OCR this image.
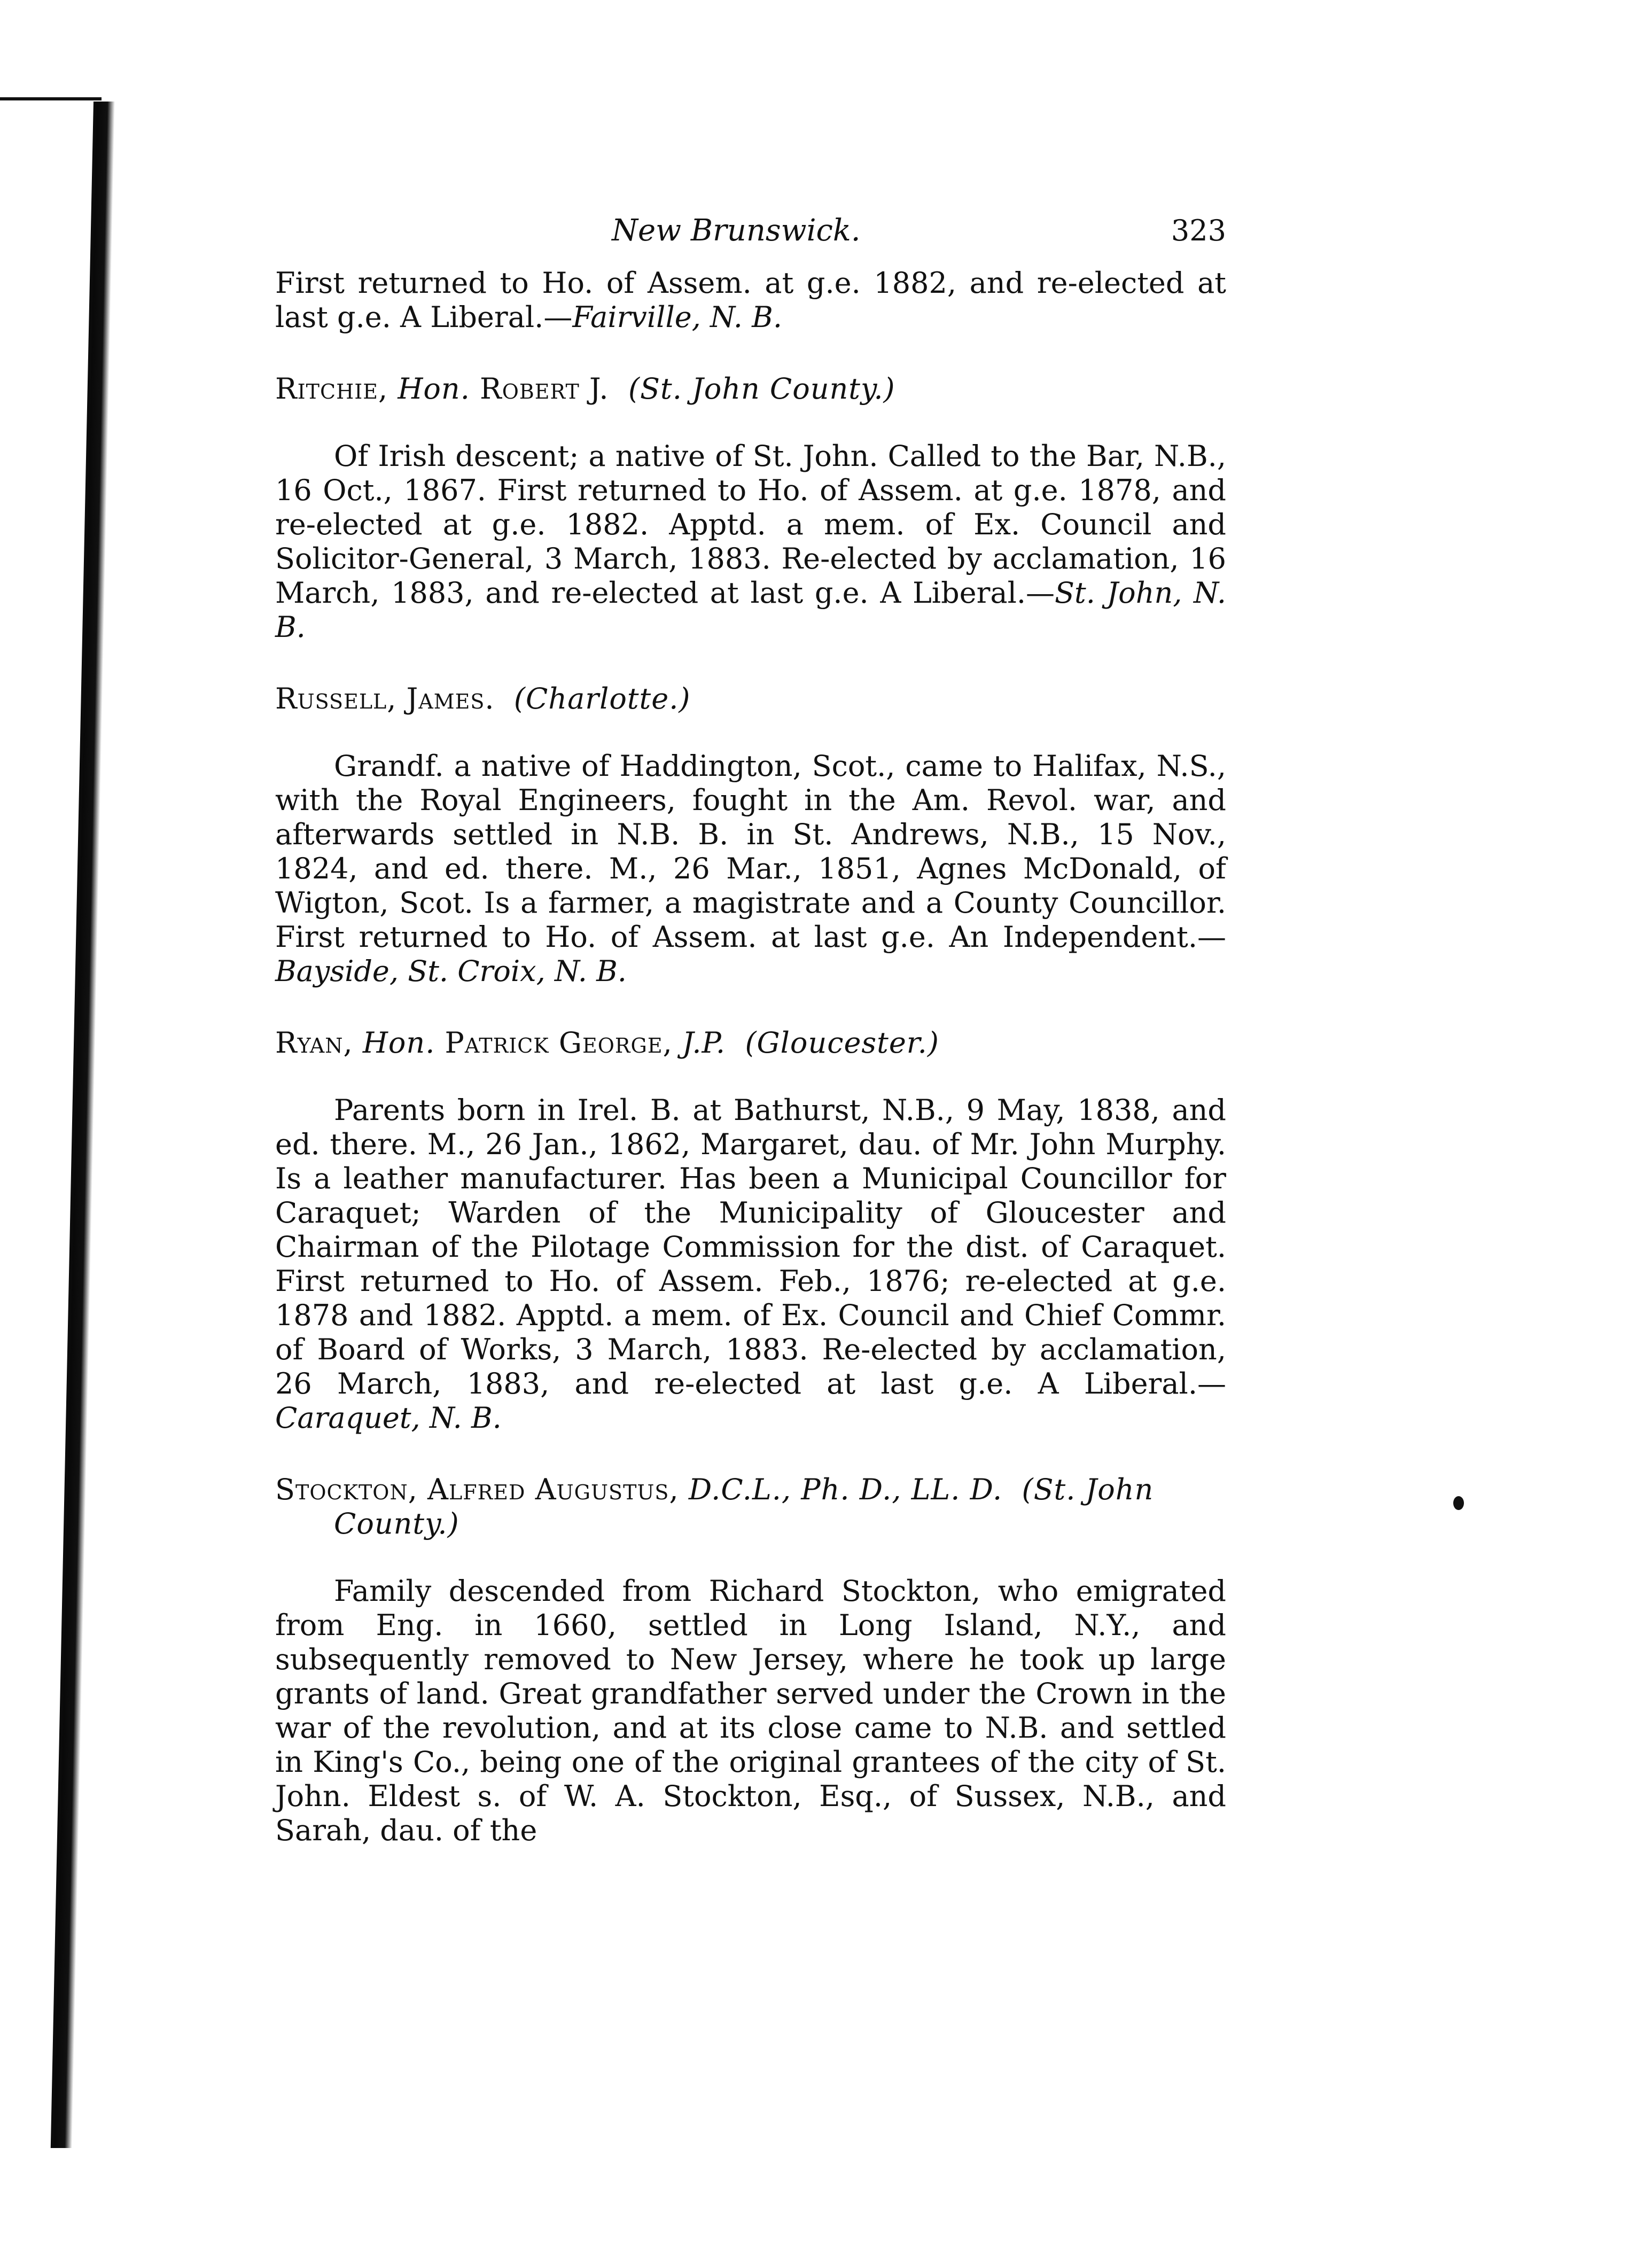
New Brunswick.	323

First returned to Ho. of Assem. at g.e. 1882, and re-elected at last g.e. A Liberal.—Fairville, N. B.

Ritchie, Hon. Robert J. (St. John County.)

Of Irish descent; a native of St. John. Called to the Bar, N.B., 16 Oct., 1867. First returned to Ho. of Assem. at g.e. 1878, and re-elected at g.e. 1882. Apptd. a mem. of Ex. Council and Solicitor-General, 3 March, 1883. Re-elected by acclamation, 16 March, 1883, and re-elected at last g.e. A Liberal.—St. John, N. B.

Russell, James. (Charlotte.)

Grandf. a native of Haddington, Scot., came to Halifax, N.S., with the Royal Engineers, fought in the Am. Revol. war, and afterwards settled in N.B. B. in St. Andrews, N.B., 15 Nov., 1824, and ed. there. M., 26 Mar., 1851, Agnes McDonald, of Wigton, Scot. Is a farmer, a magistrate and a County Councillor. First returned to Ho. of Assem. at last g.e. An Independent.—Bayside, St. Croix, N. B.

Ryan, Hon. Patrick George, J.P. (Gloucester.)

Parents born in Irel. B. at Bathurst, N.B., 9 May, 1838, and ed. there. M., 26 Jan., 1862, Margaret, dau. of Mr. John Murphy. Is a leather manufacturer. Has been a Municipal Councillor for Caraquet; Warden of the Municipality of Gloucester and Chairman of the Pilotage Commission for the dist. of Caraquet. First returned to Ho. of Assem. Feb., 1876; re-elected at g.e. 1878 and 1882. Apptd. a mem. of Ex. Council and Chief Commr. of Board of Works, 3 March, 1883. Re-elected by acclamation, 26 March, 1883, and re-elected at last g.e. A Liberal.—Caraquet, N. B.

Stockton, Alfred Augustus, D.C.L., Ph. D., LL. D. (St. John County.)

Family descended from Richard Stockton, who emigrated from Eng. in 1660, settled in Long Island, N.Y., and subsequently removed to New Jersey, where he took up large grants of land. Great grandfather served under the Crown in the war of the revolution, and at its close came to N.B. and settled in King's Co., being one of the original grantees of the city of St. John. Eldest s. of W. A. Stockton, Esq., of Sussex, N.B., and Sarah, dau. of the
